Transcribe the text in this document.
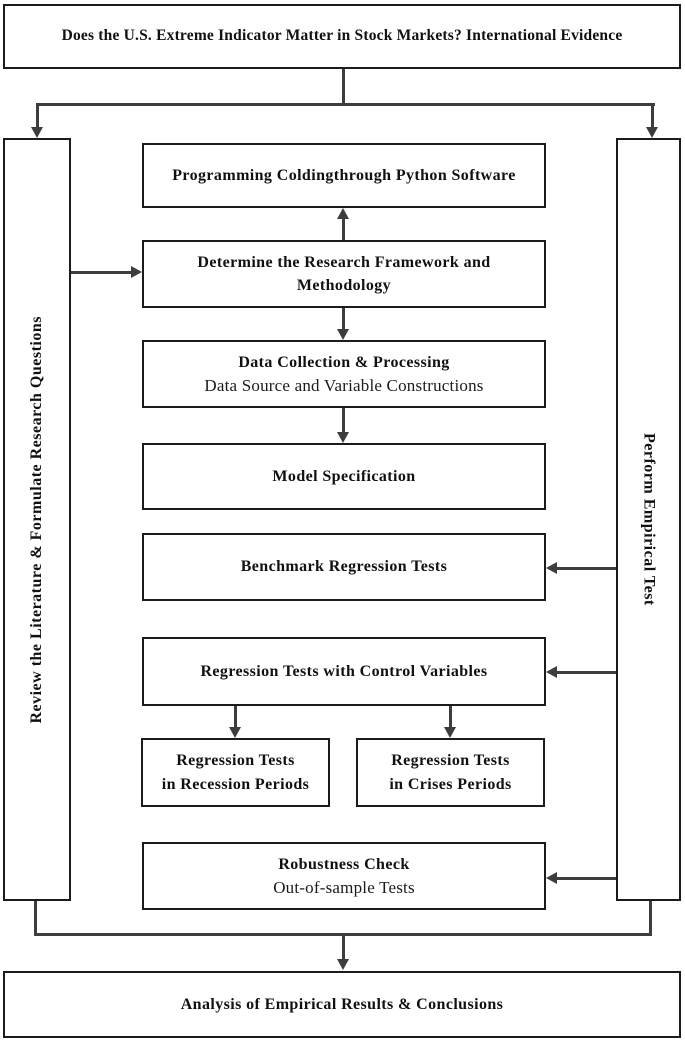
Does the U.S. Extreme Indicator Matter in Stock Markets? International Evidence
Review the Literature & Formulate Research Questions	Perform Empirical Test
Programming Coldingthrough Python Software
Determine the Research Framework and Methodology
Data Collection & Processing
Data Source and Variable Constructions
Model Specification
Benchmark Regression Tests
Regression Tests with Control Variables
Regression Tests
in Recession Periods
Regression Tests
in Crises Periods
Robustness Check
Out-of-sample Tests
Analysis of Empirical Results & Conclusions
